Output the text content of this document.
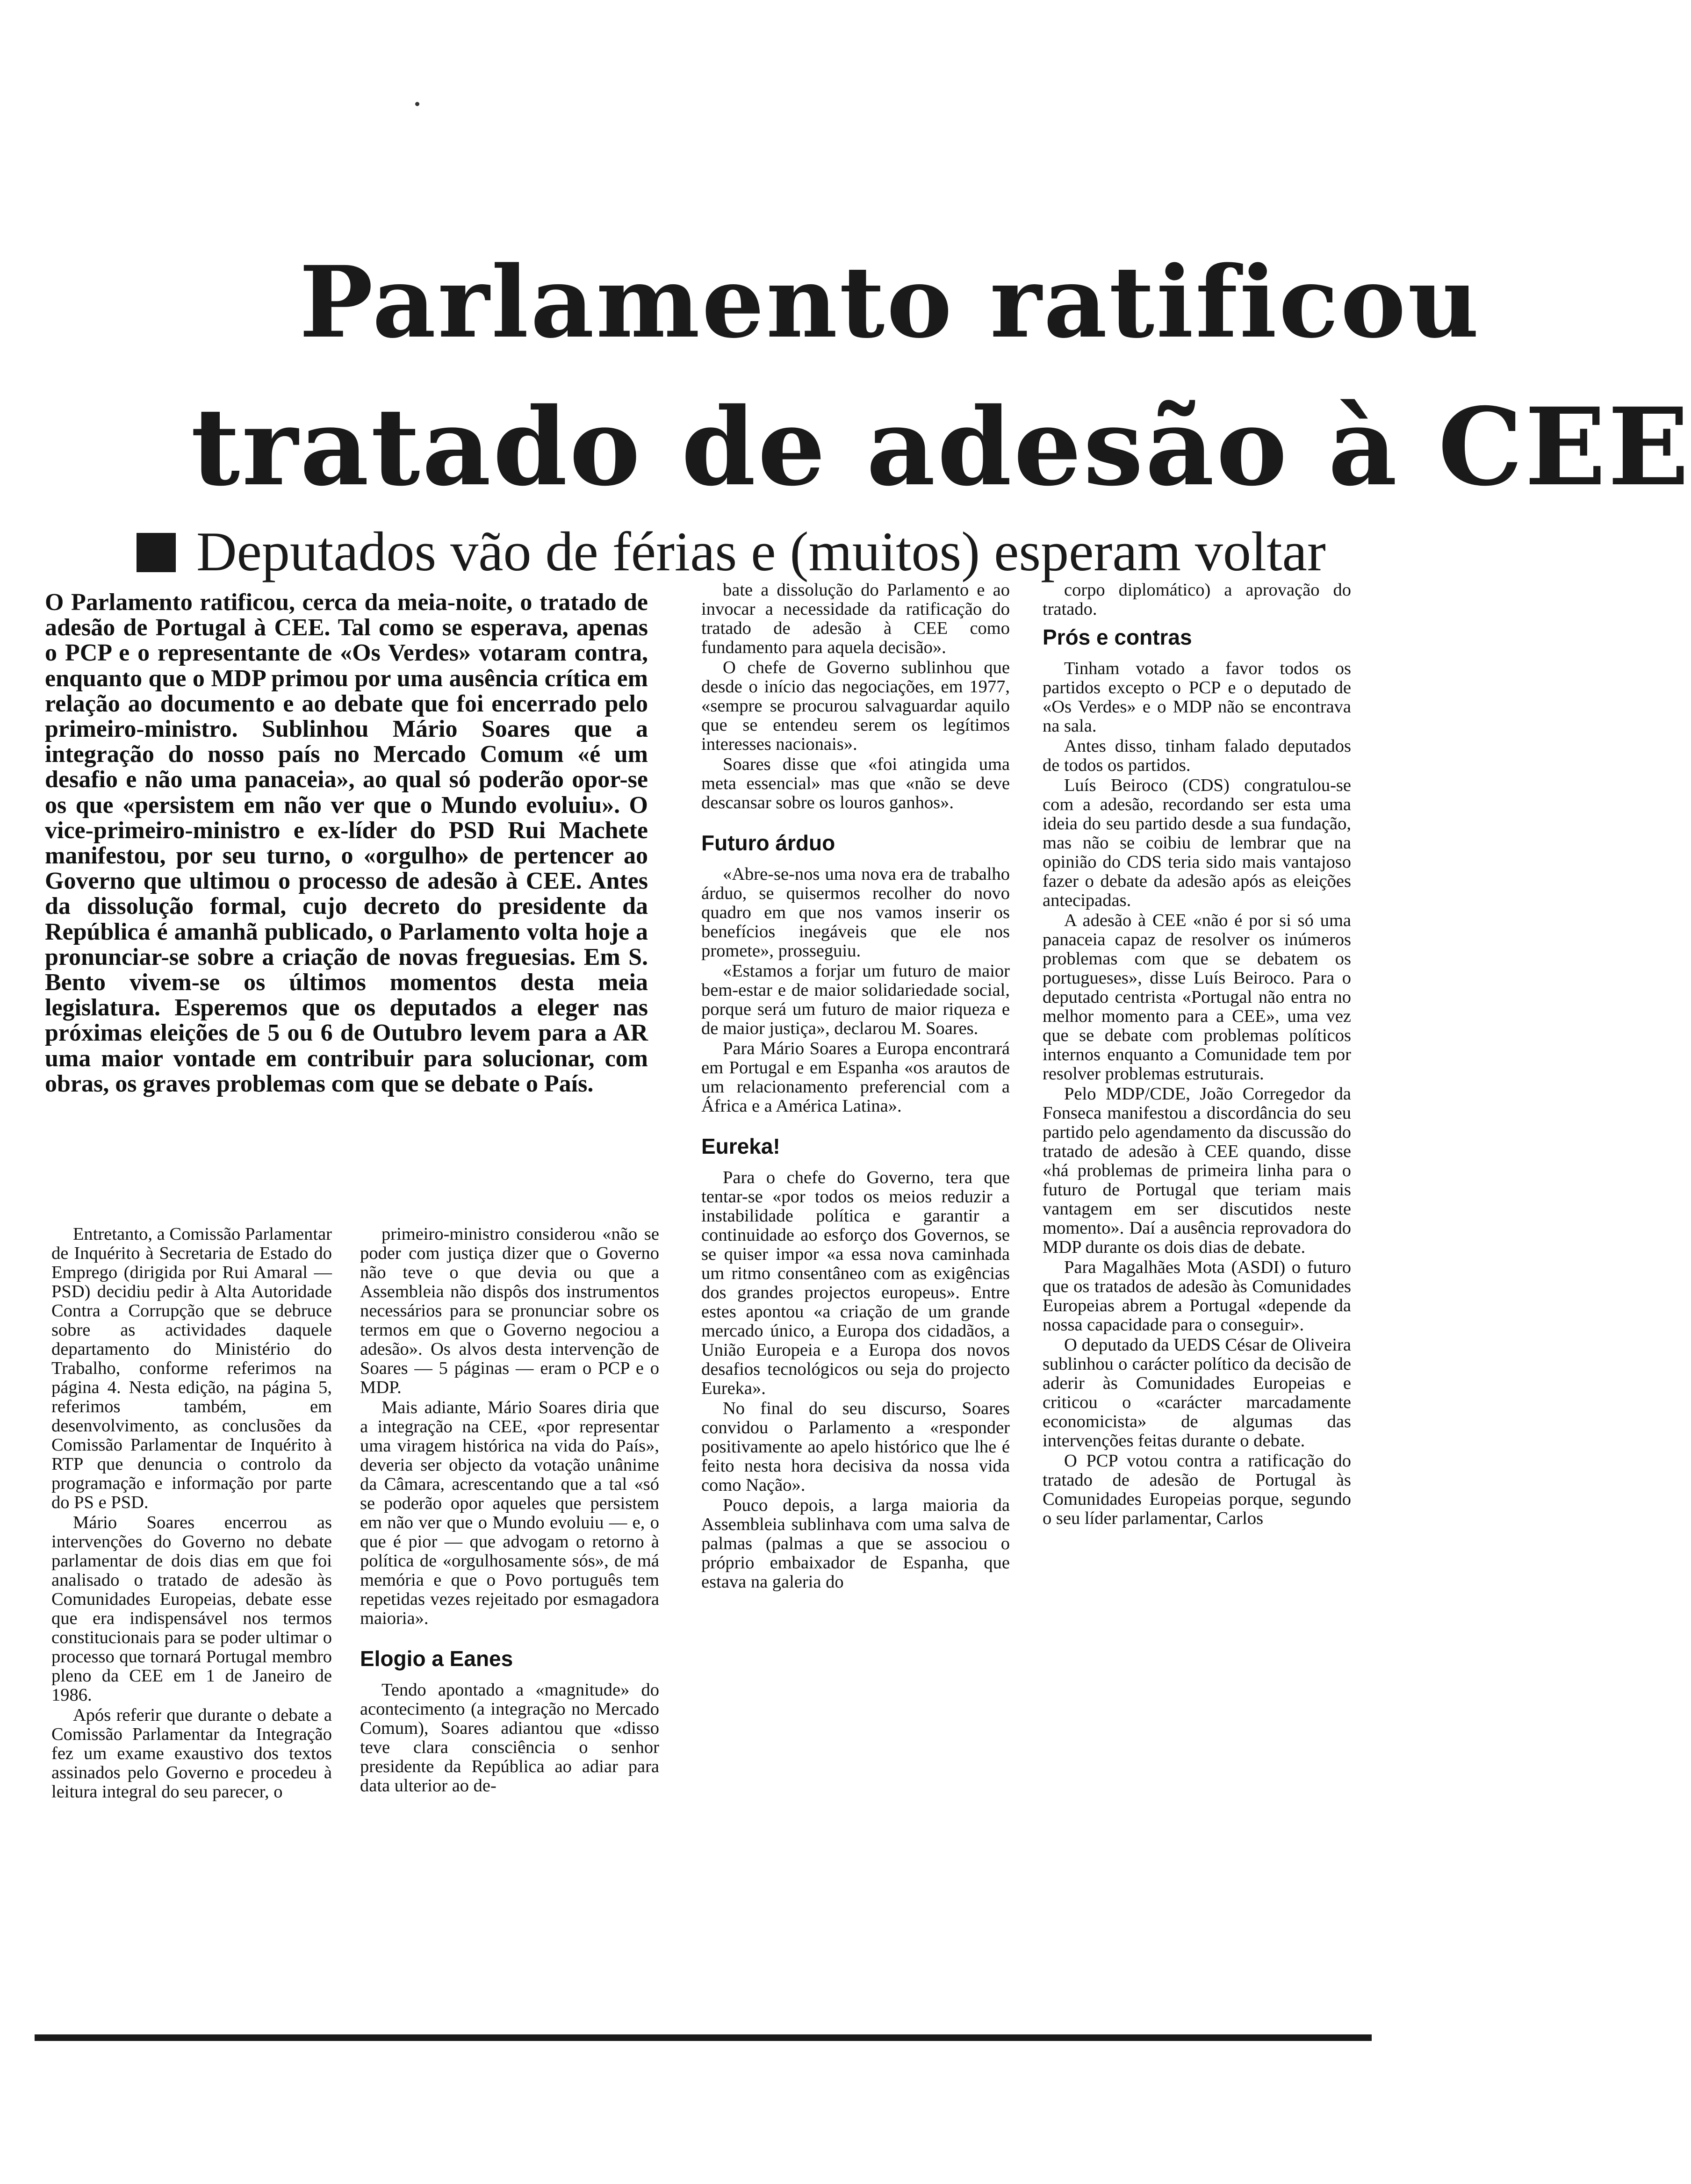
Parlamento ratificou
tratado de adesão à CEE
Deputados vão de férias e (muitos) esperam voltar

O Parlamento ratificou, cerca da meia-noite, o tratado de adesão de Portugal à CEE. Tal como se esperava, apenas o PCP e o representante de «Os Verdes» votaram contra, enquanto que o MDP primou por uma ausência crítica em relação ao documento e ao debate que foi encerrado pelo primeiro-ministro. Sublinhou Mário Soares que a integração do nosso país no Mercado Comum «é um desafio e não uma panaceia», ao qual só poderão opor-se os que «persistem em não ver que o Mundo evoluiu». O vice-primeiro-ministro e ex-líder do PSD Rui Machete manifestou, por seu turno, o «orgulho» de pertencer ao Governo que ultimou o processo de adesão à CEE. Antes da dissolução formal, cujo decreto do presidente da República é amanhã publicado, o Parlamento volta hoje a pronunciar-se sobre a criação de novas freguesias. Em S. Bento vivem-se os últimos momentos desta meia legislatura. Esperemos que os deputados a eleger nas próximas eleições de 5 ou 6 de Outubro levem para a AR uma maior vontade em contribuir para solucionar, com obras, os graves problemas com que se debate o País.

Entretanto, a Comissão Parlamentar de Inquérito à Secretaria de Estado do Emprego (dirigida por Rui Amaral — PSD) decidiu pedir à Alta Autoridade Contra a Corrupção que se debruce sobre as actividades daquele departamento do Ministério do Trabalho, conforme referimos na página 4. Nesta edição, na página 5, referimos também, em desenvolvimento, as conclusões da Comissão Parlamentar de Inquérito à RTP que denuncia o controlo da programação e informação por parte do PS e PSD.

Mário Soares encerrou as intervenções do Governo no debate parlamentar de dois dias em que foi analisado o tratado de adesão às Comunidades Europeias, debate esse que era indispensável nos termos constitucionais para se poder ultimar o processo que tornará Portugal membro pleno da CEE em 1 de Janeiro de 1986.

Após referir que durante o debate a Comissão Parlamentar da Integração fez um exame exaustivo dos textos assinados pelo Governo e procedeu à leitura integral do seu parecer, o

primeiro-ministro considerou «não se poder com justiça dizer que o Governo não teve o que devia ou que a Assembleia não dispôs dos instrumentos necessários para se pronunciar sobre os termos em que o Governo negociou a adesão». Os alvos desta intervenção de Soares — 5 páginas — eram o PCP e o MDP.

Mais adiante, Mário Soares diria que a integração na CEE, «por representar uma viragem histórica na vida do País», deveria ser objecto da votação unânime da Câmara, acrescentando que a tal «só se poderão opor aqueles que persistem em não ver que o Mundo evoluiu — e, o que é pior — que advogam o retorno à política de «orgulhosamente sós», de má memória e que o Povo português tem repetidas vezes rejeitado por esmagadora maioria».

Elogio a Eanes

Tendo apontado a «magnitude» do acontecimento (a integração no Mercado Comum), Soares adiantou que «disso teve clara consciência o senhor presidente da República ao adiar para data ulterior ao de-

bate a dissolução do Parlamento e ao invocar a necessidade da ratificação do tratado de adesão à CEE como fundamento para aquela decisão».

O chefe de Governo sublinhou que desde o início das negociações, em 1977, «sempre se procurou salvaguardar aquilo que se entendeu serem os legítimos interesses nacionais».

Soares disse que «foi atingida uma meta essencial» mas que «não se deve descansar sobre os louros ganhos».

Futuro árduo

«Abre-se-nos uma nova era de trabalho árduo, se quisermos recolher do novo quadro em que nos vamos inserir os benefícios inegáveis que ele nos promete», prosseguiu.

«Estamos a forjar um futuro de maior bem-estar e de maior solidariedade social, porque será um futuro de maior riqueza e de maior justiça», declarou M. Soares.

Para Mário Soares a Europa encontrará em Portugal e em Espanha «os arautos de um relacionamento preferencial com a África e a América Latina».

Eureka!

Para o chefe do Governo, tera que tentar-se «por todos os meios reduzir a instabilidade política e garantir a continuidade ao esforço dos Governos, se se quiser impor «a essa nova caminhada um ritmo consentâneo com as exigências dos grandes projectos europeus». Entre estes apontou «a criação de um grande mercado único, a Europa dos cidadãos, a União Europeia e a Europa dos novos desafios tecnológicos ou seja do projecto Eureka».

No final do seu discurso, Soares convidou o Parlamento a «responder positivamente ao apelo histórico que lhe é feito nesta hora decisiva da nossa vida como Nação».

Pouco depois, a larga maioria da Assembleia sublinhava com uma salva de palmas (palmas a que se associou o próprio embaixador de Espanha, que estava na galeria do

corpo diplomático) a aprovação do tratado.

Prós e contras

Tinham votado a favor todos os partidos excepto o PCP e o deputado de «Os Verdes» e o MDP não se encontrava na sala.

Antes disso, tinham falado deputados de todos os partidos.

Luís Beiroco (CDS) congratulou-se com a adesão, recordando ser esta uma ideia do seu partido desde a sua fundação, mas não se coibiu de lembrar que na opinião do CDS teria sido mais vantajoso fazer o debate da adesão após as eleições antecipadas.

A adesão à CEE «não é por si só uma panaceia capaz de resolver os inúmeros problemas com que se debatem os portugueses», disse Luís Beiroco. Para o deputado centrista «Portugal não entra no melhor momento para a CEE», uma vez que se debate com problemas políticos internos enquanto a Comunidade tem por resolver problemas estruturais.

Pelo MDP/CDE, João Corregedor da Fonseca manifestou a discordância do seu partido pelo agendamento da discussão do tratado de adesão à CEE quando, disse «há problemas de primeira linha para o futuro de Portugal que teriam mais vantagem em ser discutidos neste momento». Daí a ausência reprovadora do MDP durante os dois dias de debate.

Para Magalhães Mota (ASDI) o futuro que os tratados de adesão às Comunidades Europeias abrem a Portugal «depende da nossa capacidade para o conseguir».

O deputado da UEDS César de Oliveira sublinhou o carácter político da decisão de aderir às Comunidades Europeias e criticou o «carácter marcadamente economicista» de algumas das intervenções feitas durante o debate.

O PCP votou contra a ratificação do tratado de adesão de Portugal às Comunidades Europeias porque, segundo o seu líder parlamentar, Carlos
